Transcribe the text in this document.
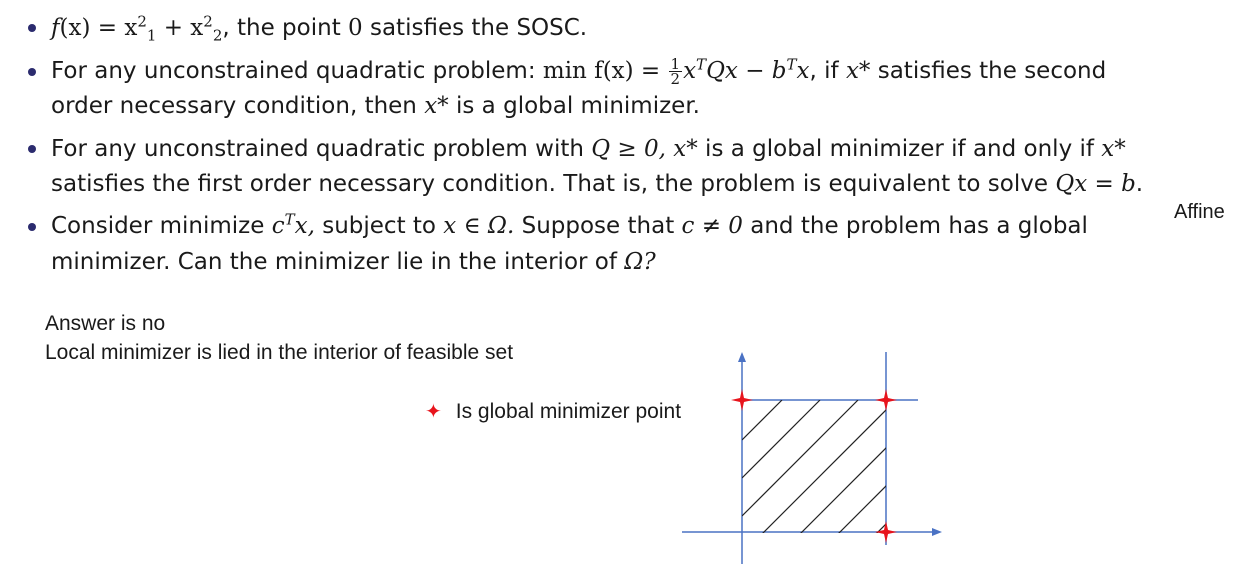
$f(x) = x^2_1 + x^2_2$, the point 0 satisfies the SOSC.
For any unconstrained quadratic problem: $\min f(x) = \frac{1}{2} x^TQx - b^Tx$, if x* satisfies the second
order necessary condition, then x* is a global minimizer.
For any unconstrained quadratic problem with Q ≥ 0, x* is a global minimizer if and only if x*
satisfies the first order necessary condition. That is, the problem is equivalent to solve Qx = b.
Consider minimize $c^Tx$, subject to x ∈ Ω. Suppose that c ≠ 0 and the problem has a global
minimizer. Can the minimizer lie in the interior of Ω?
Affine
Answer is no
Local minimizer is lied in the interior of feasible set
✦ Is global minimizer point
